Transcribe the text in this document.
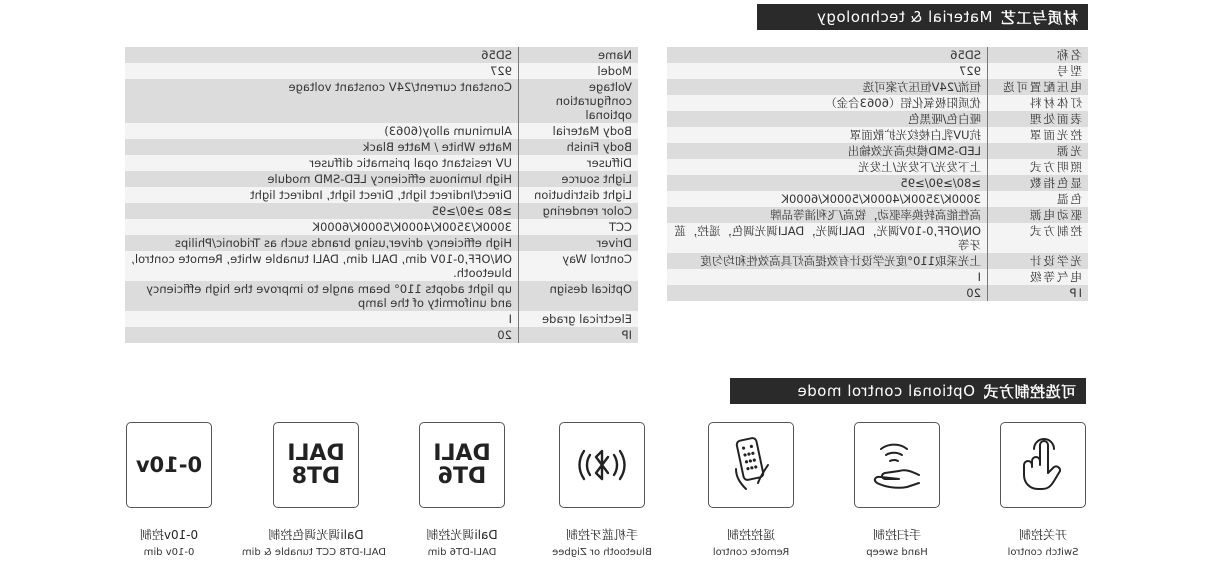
材质与工艺
Material & technology
名称	SD56
型号	927
电压配置可选	恒流/24V恒压方案可选
灯体材料	优质阳极氧化铝（6063合金）
表面处理	哑白色/哑黑色
控光面罩	抗UV乳白棱纹光扩散面罩
光源	LED-SMD模块高光效输出
照明方式	上下发光/下发光/上发光
显色指数	≥80/≥90/≥95
色温	3000K/3500K/4000K/5000K/6000K
驱动电源	高性能高转换率驱动，锐高/飞利浦等品牌
控制方式	ON/OFF,0-10V调光，DALI调光，DALI调光调色，遥控，蓝牙等
光学设计	上光采取110°度光学设计有效提高灯具高效性和均匀度
电气等级	I
IP	20
Name	SD56
Model	927
Voltage configuration optional	Constant current/24V constant voltage
Body Material	Aluminum alloy(6063)
Body Finish	Matte White / Matte Black
Diffuser	UV resistant opal prismatic diffuser
Light source	High luminous efficiency LED-SMD module
Light distribution	Direct/Indirect light, Direct light, Indirect light
Color rendering	≥80 ≥90/≥95
CCT	3000K/3500K/4000K/5000K/6000K
Driver	High efficiency driver,using brands such as Tridonic/Philips
Control Way	ON/OFF,0-10V dim, DALI dim, DALI tunable white, Remote control, bluetooth.
Optical design	up light adopts 110° beam angle to improve the high efficiency and uniformity of the lamp
Electrical grade	I
IP	20
可选控制方式
Optional control mode
开关控制
Switch control
手扫控制
Hand sweep
遥控控制
Remote control
手机蓝牙控制
Bluetooth or Zigbee
DALI
DT6
Dali调光控制
DALI-DT6 dim
DALI
DT8
Dali调光调色控制
DALI-DT8 CCT tunable & dim
0-10v
0-10v控制
0-10v dim
